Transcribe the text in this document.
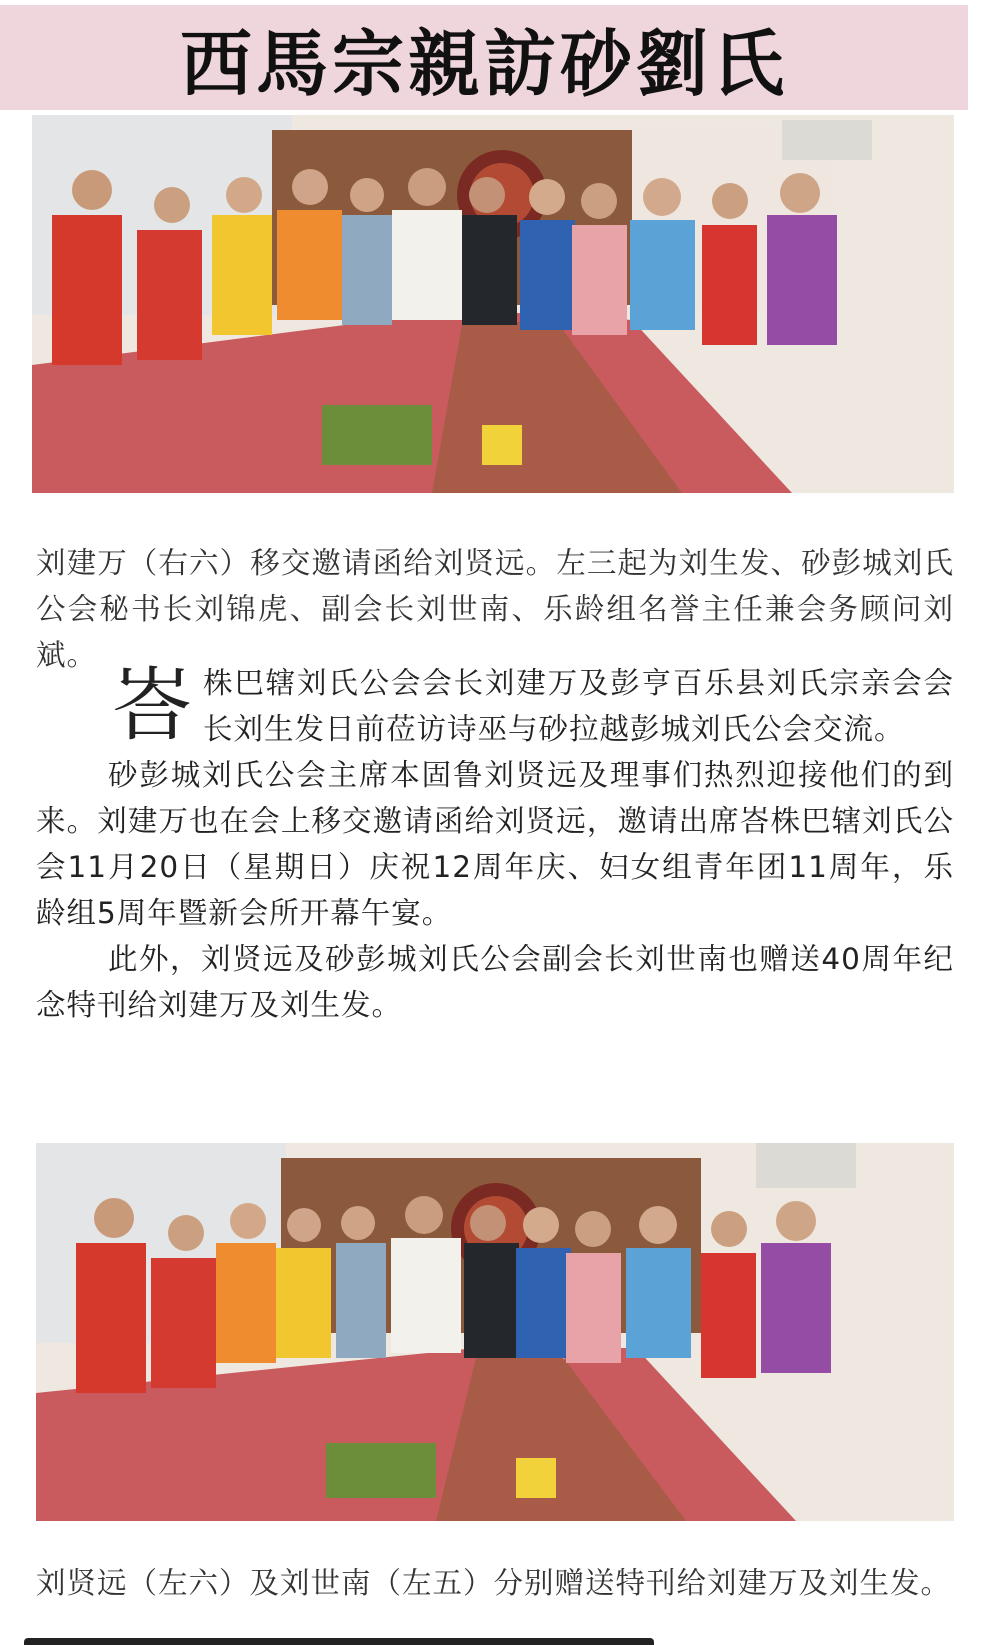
西馬宗親訪砂劉氏

刘建万（右六）移交邀请函给刘贤远。左三起为刘生发、砂彭城刘氏公会秘书长刘锦虎、副会长刘世南、乐龄组名誉主任兼会务顾问刘斌。

峇株巴辖刘氏公会会长刘建万及彭亨百乐县刘氏宗亲会会长刘生发日前莅访诗巫与砂拉越彭城刘氏公会交流。

砂彭城刘氏公会主席本固鲁刘贤远及理事们热烈迎接他们的到来。刘建万也在会上移交邀请函给刘贤远，邀请出席峇株巴辖刘氏公会11月20日（星期日）庆祝12周年庆、妇女组青年团11周年，乐龄组5周年暨新会所开幕午宴。

此外，刘贤远及砂彭城刘氏公会副会长刘世南也赠送40周年纪念特刊给刘建万及刘生发。

刘贤远（左六）及刘世南（左五）分别赠送特刊给刘建万及刘生发。
